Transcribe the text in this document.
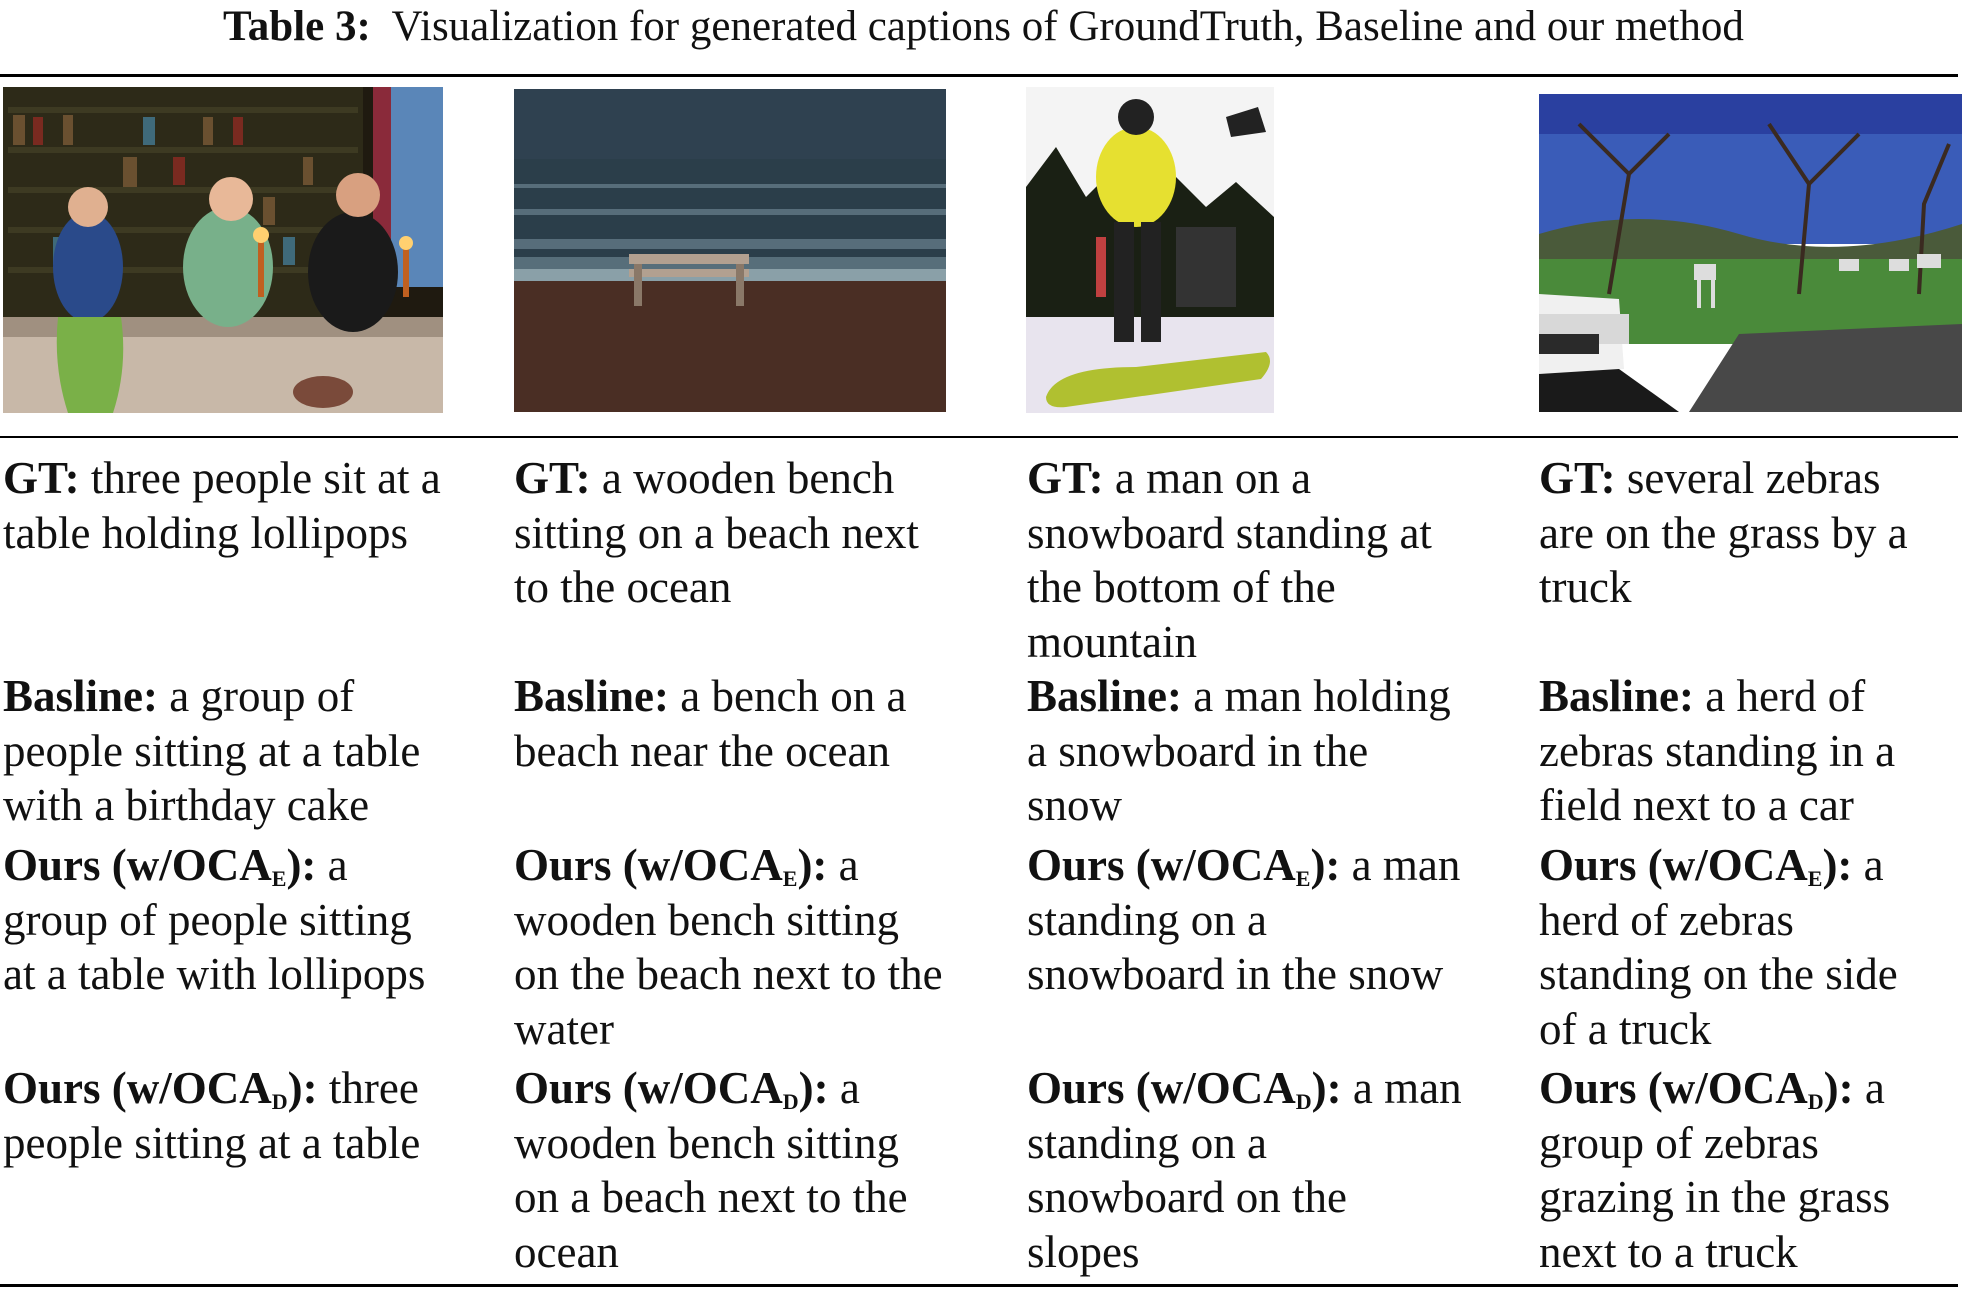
Table 3: Visualization for generated captions of GroundTruth, Baseline and our method
GT: three people sit at a
table holding lollipops
Basline: a group of
people sitting at a table
with a birthday cake
Ours $(w/OCA_E)$: a
group of people sitting
at a table with lollipops
Ours $(w/OCA_D)$: three
people sitting at a table
GT: a wooden bench
sitting on a beach next
to the ocean
Basline: a bench on a
beach near the ocean
Ours $(w/OCA_E)$: a
wooden bench sitting
on the beach next to the
water
Ours $(w/OCA_D)$: a
wooden bench sitting
on a beach next to the
ocean
GT: a man on a
snowboard standing at
the bottom of the
mountain
Basline: a man holding
a snowboard in the
snow
Ours $(w/OCA_E)$: a man
standing on a
snowboard in the snow
Ours $(w/OCA_D)$: a man
standing on a
snowboard on the
slopes
GT: several zebras
are on the grass by a
truck
Basline: a herd of
zebras standing in a
field next to a car
Ours $(w/OCA_E)$: a
herd of zebras
standing on the side
of a truck
Ours $(w/OCA_D)$: a
group of zebras
grazing in the grass
next to a truck
